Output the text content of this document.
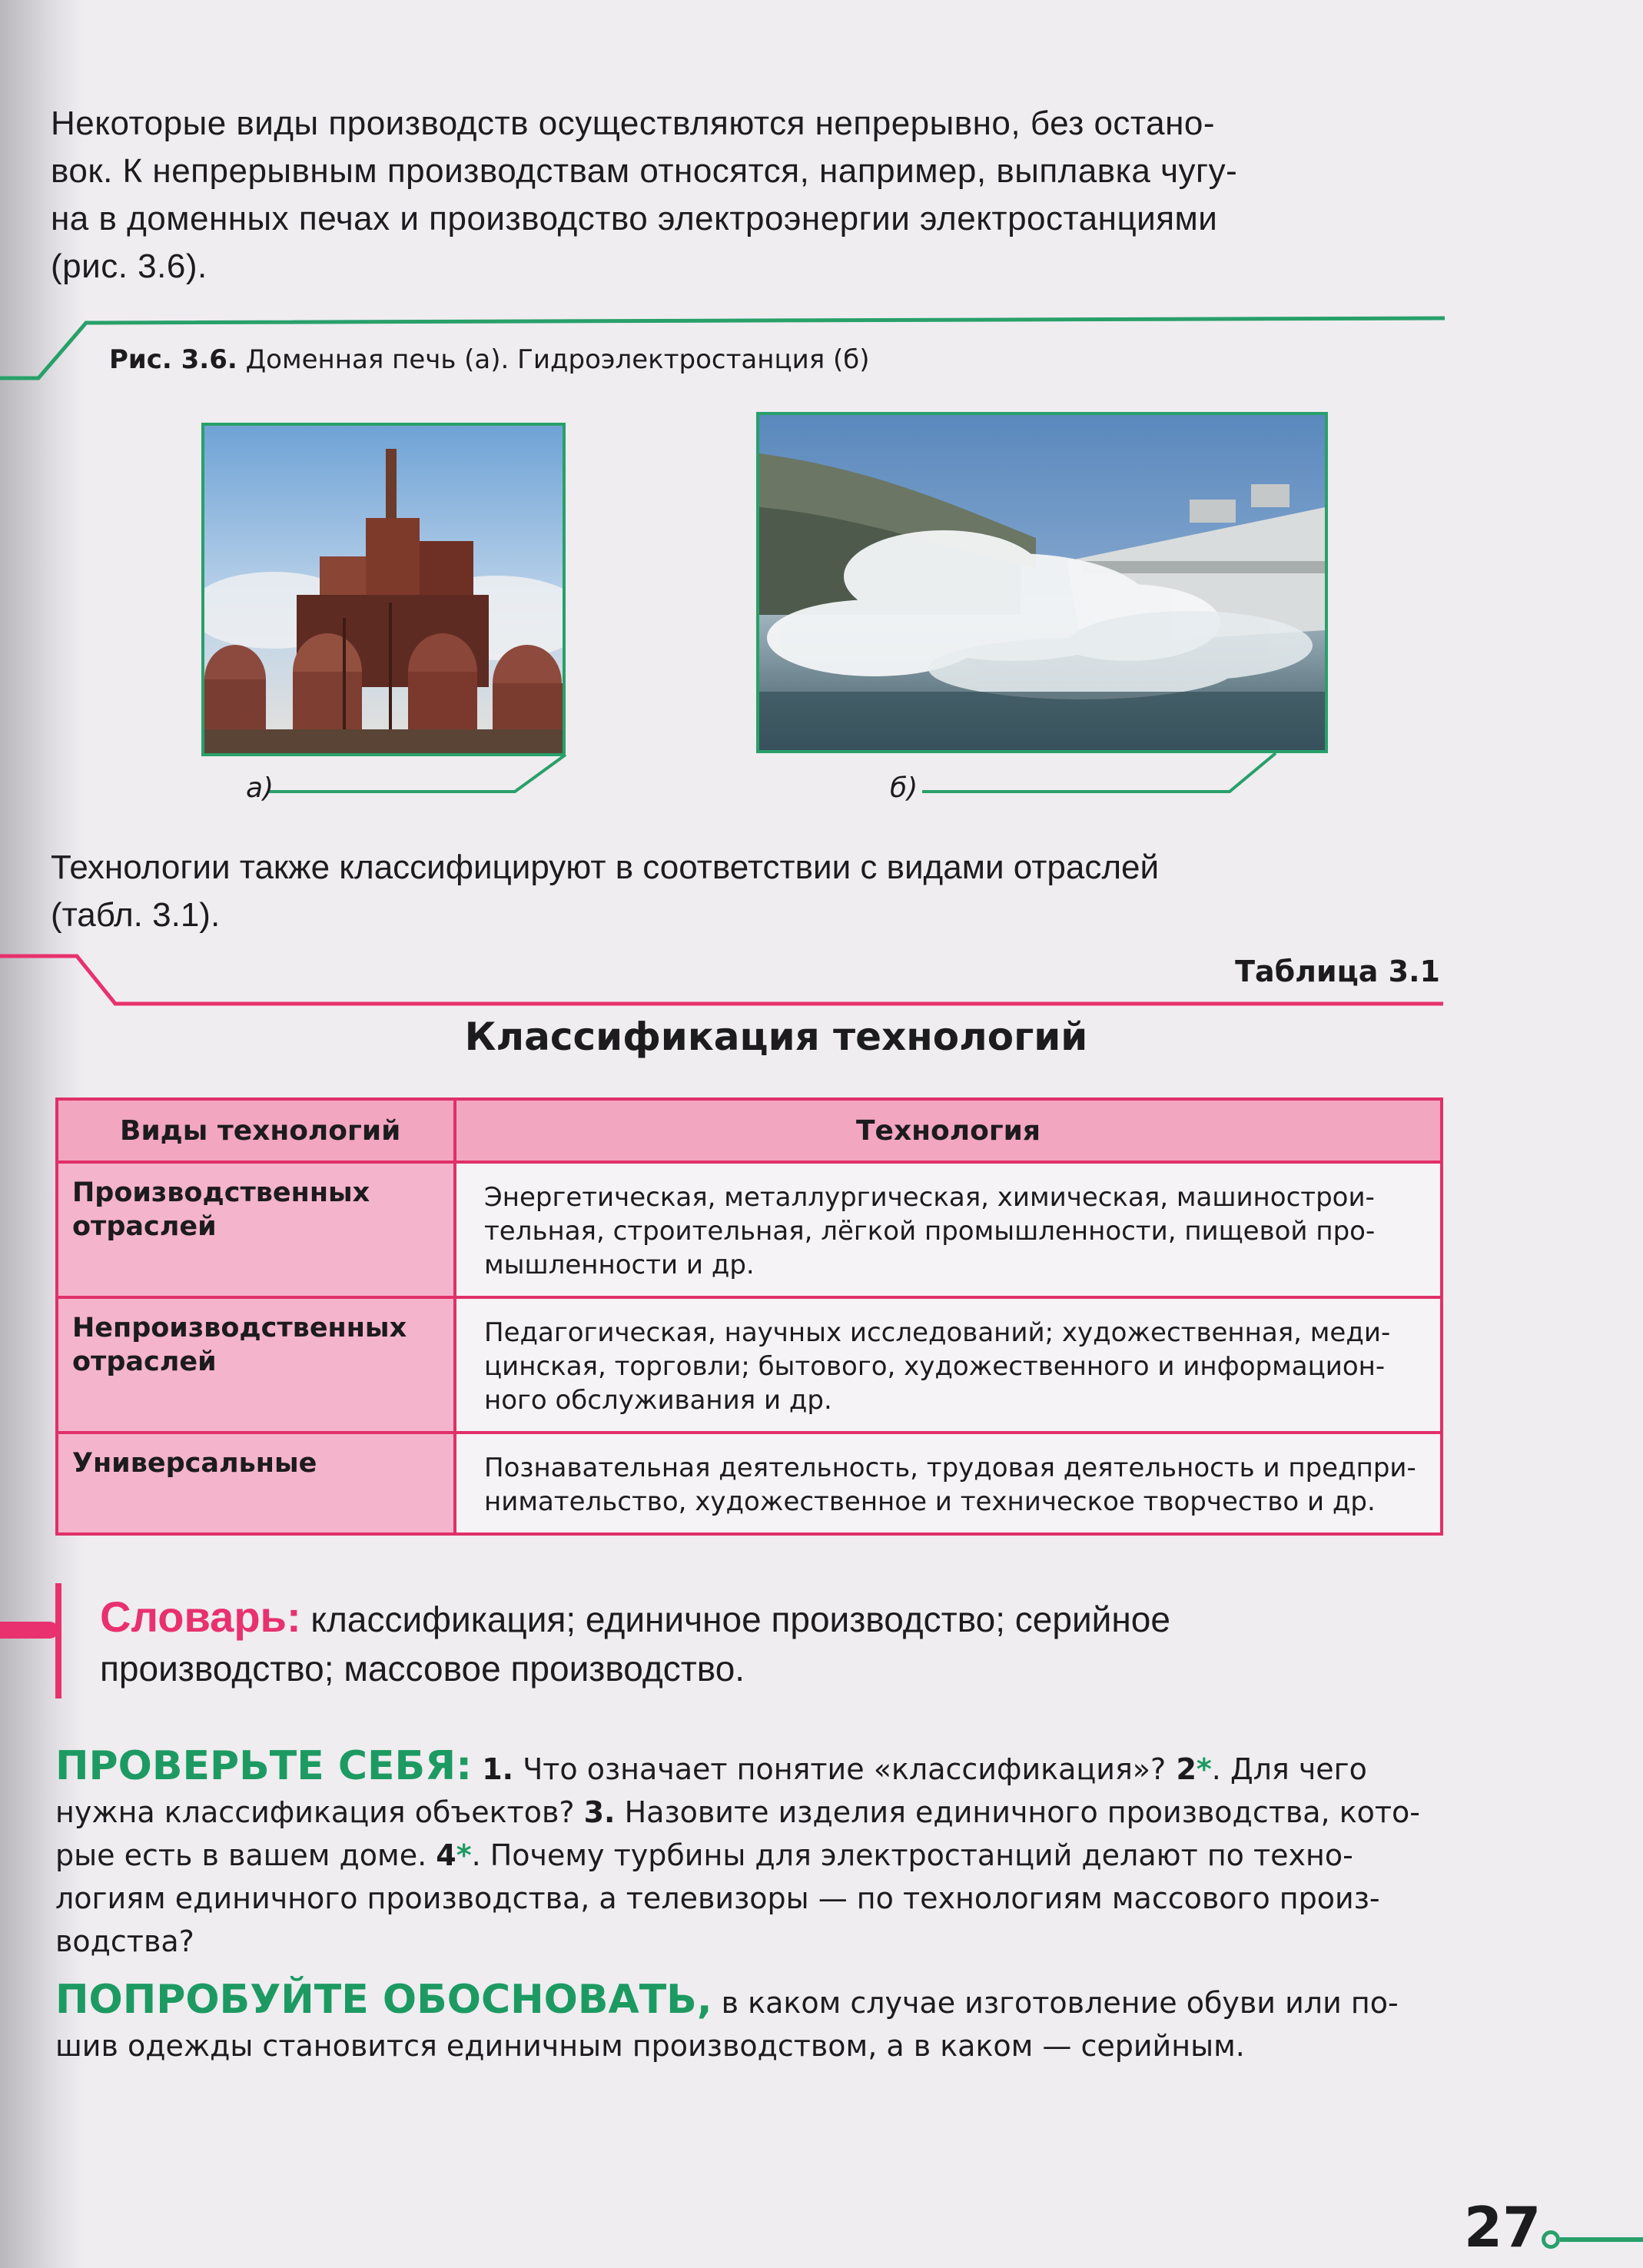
Некоторые виды производств осуществляются непрерывно, без остано-
вок. К непрерывным производствам относятся, например, выплавка чугу-
на в доменных печах и производство электроэнергии электростанциями
(рис. 3.6).
Рис. 3.6. Доменная печь (а). Гидроэлектростанция (б)
а)	б)
Технологии также классифицируют в соответствии с видами отраслей
(табл. 3.1).
Таблица 3.1
Классификация технологий
Виды технологий	Технология
Производственных отраслей	Энергетическая, металлургическая, химическая, машинострои-
тельная, строительная, лёгкой промышленности, пищевой про-
мышленности и др.

Непроизводственных отраслей	Педагогическая, научных исследований; художественная, меди-
цинская, торговли; бытового, художественного и информацион-
ного обслуживания и др.

Универсальные	Познавательная деятельность, трудовая деятельность и предпри-
нимательство, художественное и техническое творчество и др.
Словарь: классификация; единичное производство; серийное
производство; массовое производство.
ПРОВЕРЬТЕ СЕБЯ: 1. Что означает понятие «классификация»? 2*. Для чего
нужна классификация объектов? 3. Назовите изделия единичного производства, кото-
рые есть в вашем доме. 4*. Почему турбины для электростанций делают по техно-
логиям единичного производства, а телевизоры — по технологиям массового произ-
водства?
ПОПРОБУЙТЕ ОБОСНОВАТЬ, в каком случае изготовление обуви или по-
шив одежды становится единичным производством, а в каком — серийным.
27
